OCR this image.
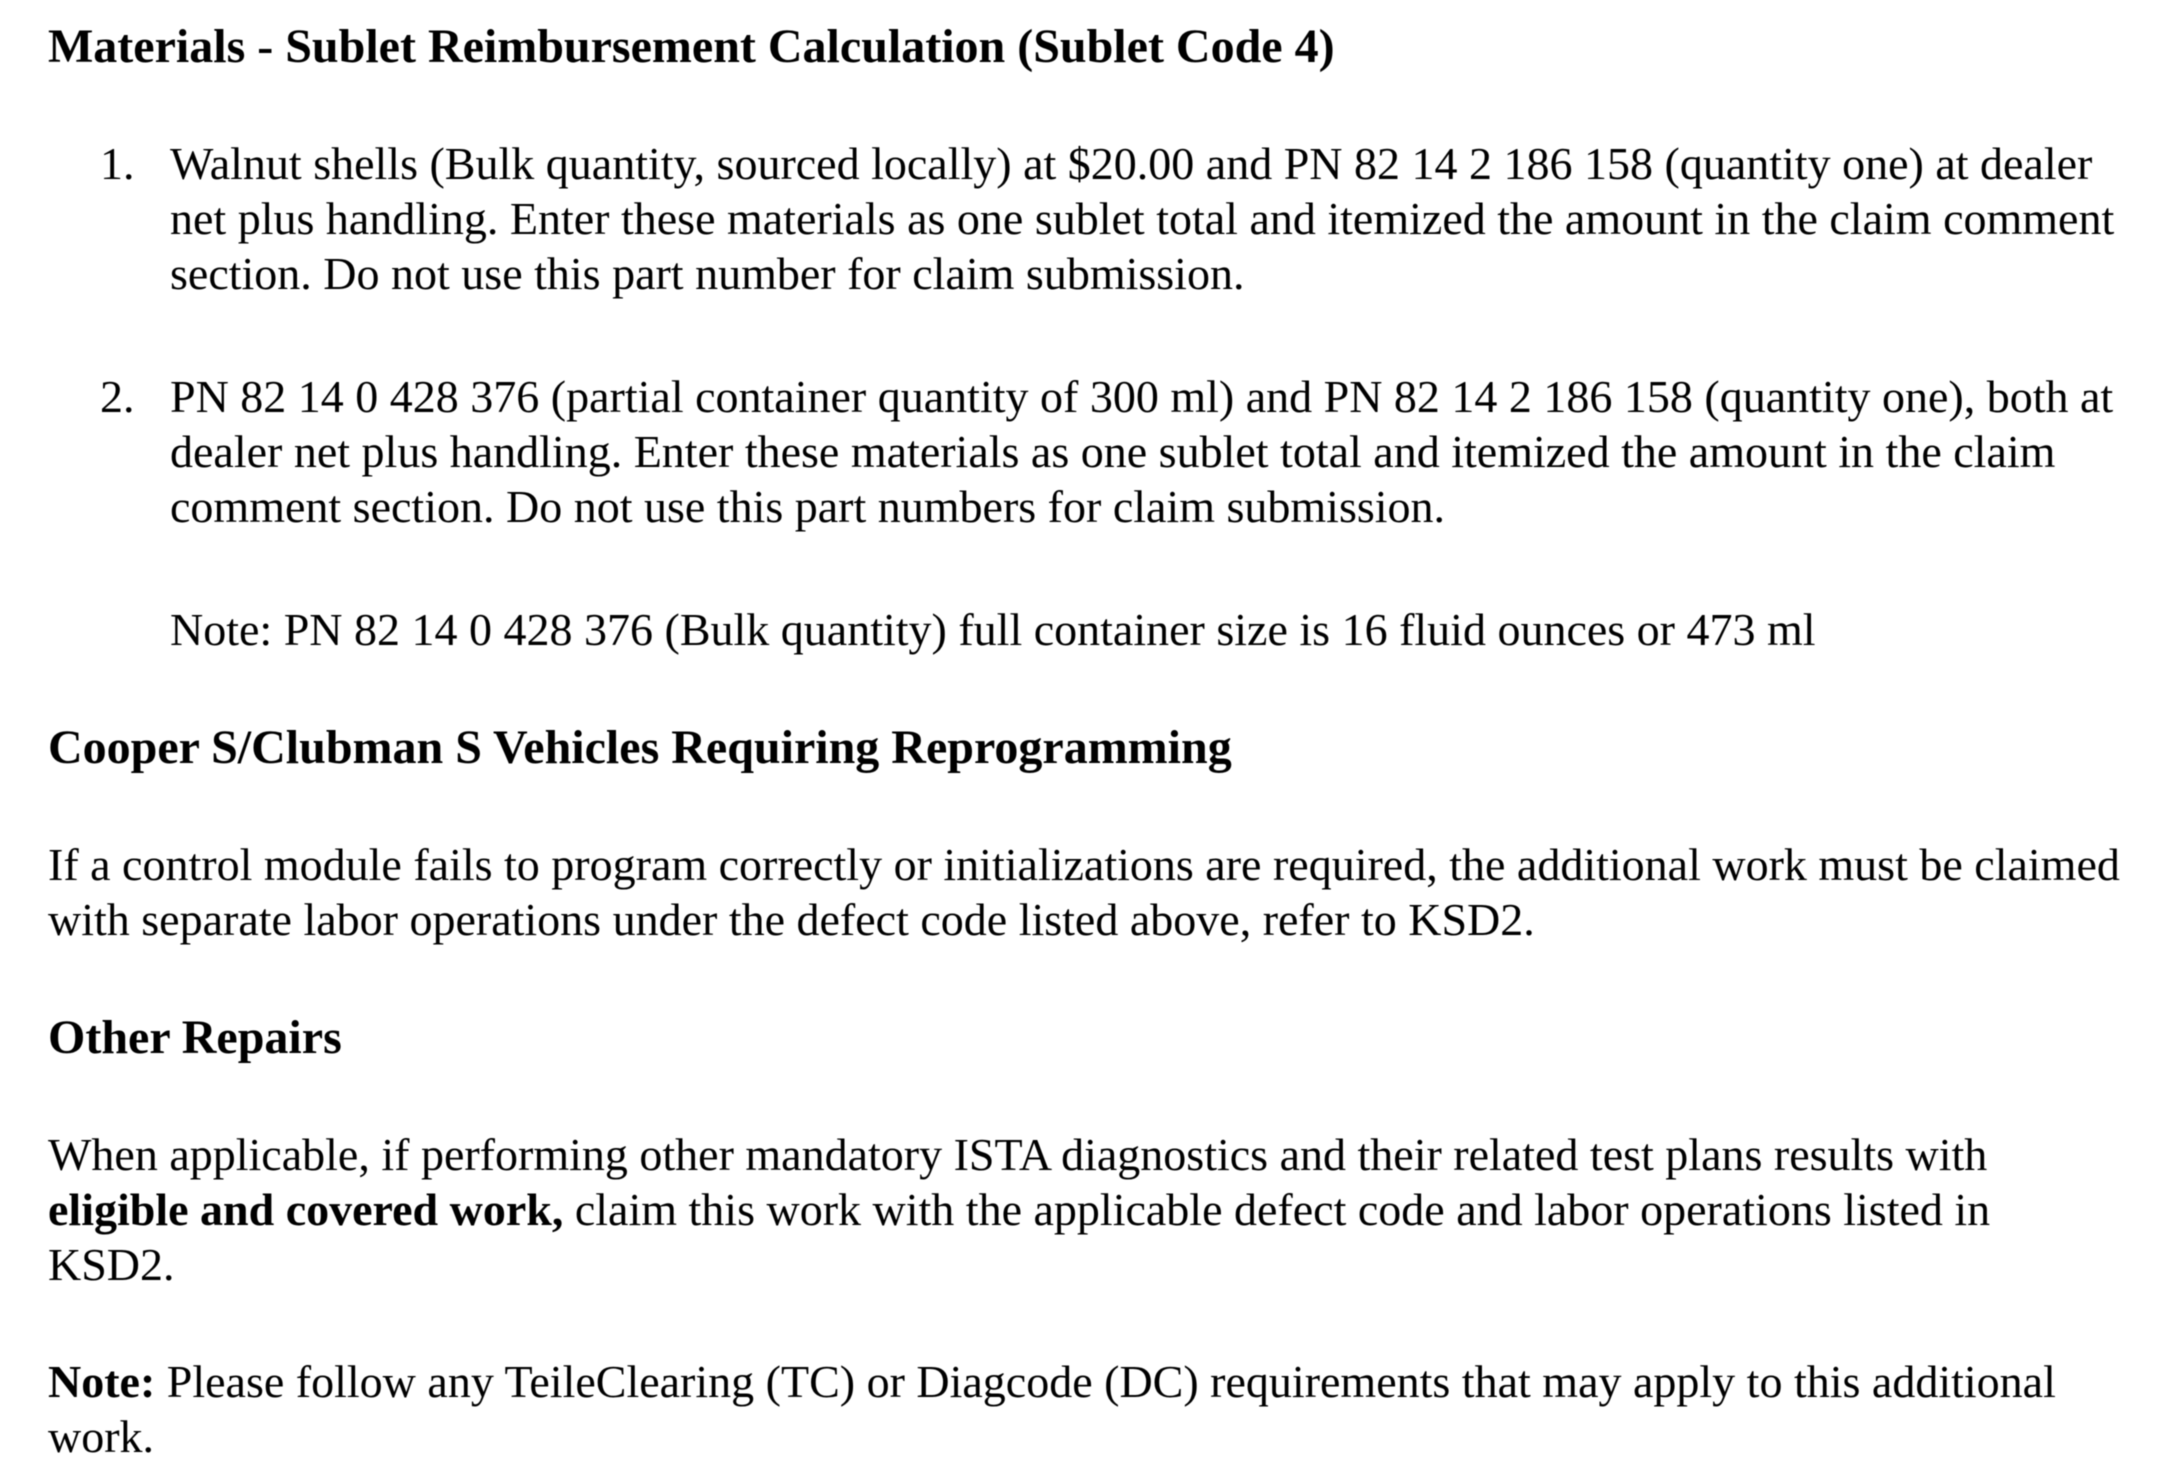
Materials - Sublet Reimbursement Calculation (Sublet Code 4)
1. Walnut shells (Bulk quantity, sourced locally) at $20.00 and PN 82 14 2 186 158 (quantity one) at dealer net plus handling. Enter these materials as one sublet total and itemized the amount in the claim comment section. Do not use this part number for claim submission.
2. PN 82 14 0 428 376 (partial container quantity of 300 ml) and PN 82 14 2 186 158 (quantity one), both at dealer net plus handling. Enter these materials as one sublet total and itemized the amount in the claim comment section. Do not use this part numbers for claim submission.
Note: PN 82 14 0 428 376 (Bulk quantity) full container size is 16 fluid ounces or 473 ml
Cooper S/Clubman S Vehicles Requiring Reprogramming
If a control module fails to program correctly or initializations are required, the additional work must be claimed with separate labor operations under the defect code listed above, refer to KSD2.
Other Repairs
When applicable, if performing other mandatory ISTA diagnostics and their related test plans results with eligible and covered work, claim this work with the applicable defect code and labor operations listed in KSD2.
Note: Please follow any TeileClearing (TC) or Diagcode (DC) requirements that may apply to this additional work.
